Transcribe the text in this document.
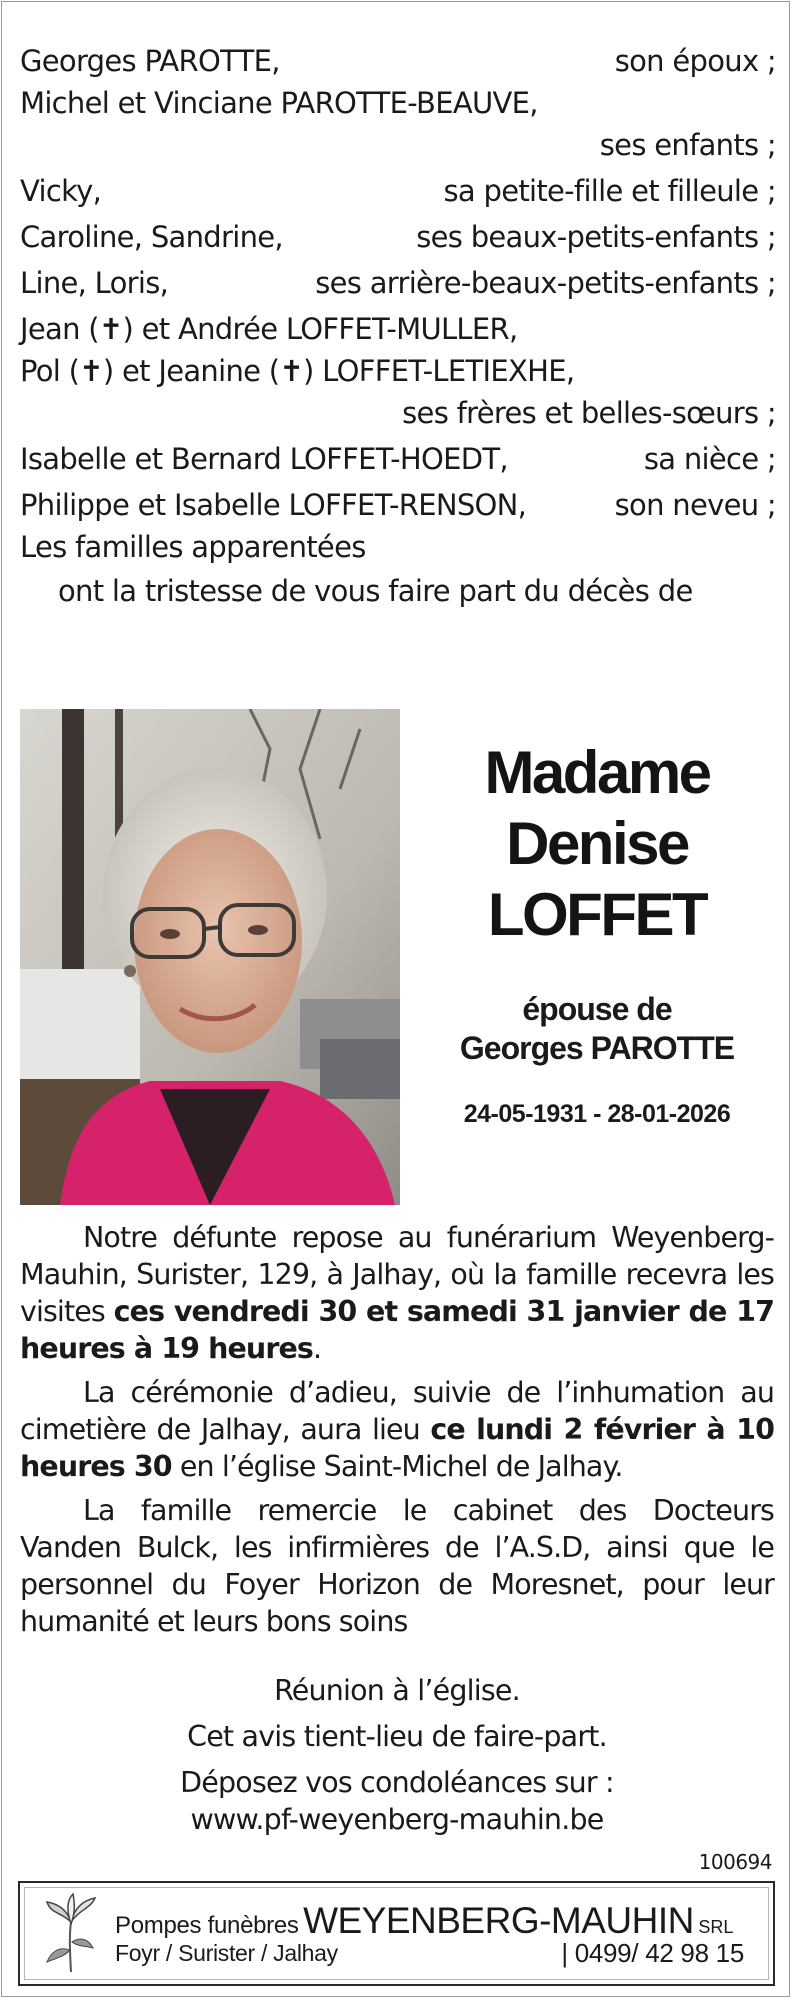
Georges PAROTTE,	son époux ;
Michel et Vinciane PAROTTE-BEAUVE,
ses enfants ;
Vicky,	sa petite-fille et filleule ;
Caroline, Sandrine,	ses beaux-petits-enfants ;
Line, Loris,	ses arrière-beaux-petits-enfants ;
Jean (✝) et Andrée LOFFET-MULLER,
Pol (✝) et Jeanine (✝) LOFFET-LETIEXHE,
ses frères et belles-sœurs ;
Isabelle et Bernard LOFFET-HOEDT,	sa nièce ;
Philippe et Isabelle LOFFET-RENSON,	son neveu ;
Les familles apparentées
ont la tristesse de vous faire part du décès de
Madame
Denise
LOFFET
épouse de
Georges PAROTTE
24-05-1931 - 28-01-2026

Notre défunte repose au funérarium Weyenberg-Mauhin, Surister, 129, à Jalhay, où la famille recevra les visites ces vendredi 30 et samedi 31 janvier de 17 heures à 19 heures.

La cérémonie d’adieu, suivie de l’inhumation au cimetière de Jalhay, aura lieu ce lundi 2 février à 10 heures 30 en l’église Saint-Michel de Jalhay.

La famille remercie le cabinet des Docteurs Vanden Bulck, les infirmières de l’A.S.D, ainsi que le personnel du Foyer Horizon de Moresnet, pour leur humanité et leurs bons soins

Réunion à l’église.
Cet avis tient-lieu de faire-part.
Déposez vos condoléances sur :
www.pf-weyenberg-mauhin.be
100694
Pompes funèbres WEYENBERG-MAUHIN SRL
Foyr / Surister / Jalhay	| 0499/ 42 98 15
